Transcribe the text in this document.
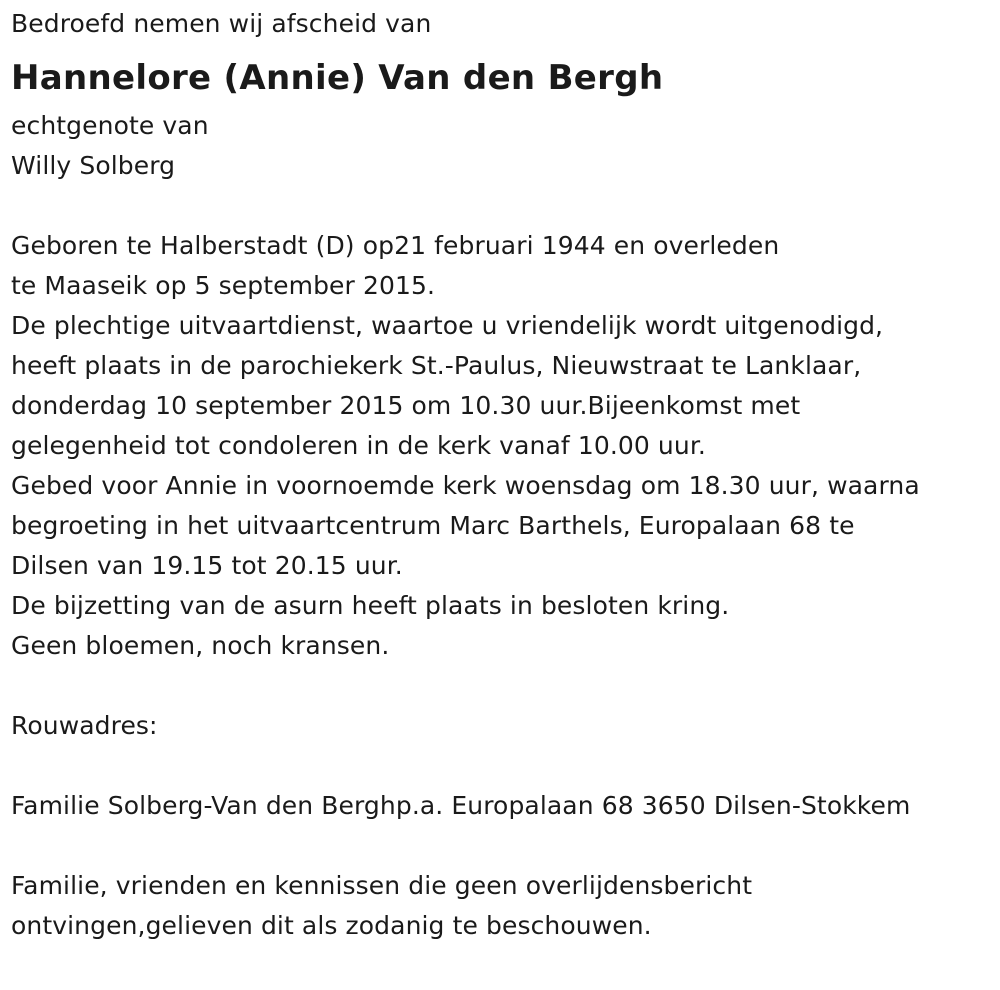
Bedroefd nemen wij afscheid van
Hannelore (Annie) Van den Bergh
echtgenote van
Willy Solberg
Geboren te Halberstadt (D) op21 februari 1944 en overleden
te Maaseik op 5 september 2015.
De plechtige uitvaartdienst, waartoe u vriendelijk wordt uitgenodigd,
heeft plaats in de parochiekerk St.-Paulus, Nieuwstraat te Lanklaar,
donderdag 10 september 2015 om 10.30 uur.Bijeenkomst met
gelegenheid tot condoleren in de kerk vanaf 10.00 uur.
Gebed voor Annie in voornoemde kerk woensdag om 18.30 uur, waarna
begroeting in het uitvaartcentrum Marc Barthels, Europalaan 68 te
Dilsen van 19.15 tot 20.15 uur.
De bijzetting van de asurn heeft plaats in besloten kring.
Geen bloemen, noch kransen.
Rouwadres:
Familie Solberg-Van den Berghp.a. Europalaan 68 3650 Dilsen-Stokkem
Familie, vrienden en kennissen die geen overlijdensbericht
ontvingen,gelieven dit als zodanig te beschouwen.
